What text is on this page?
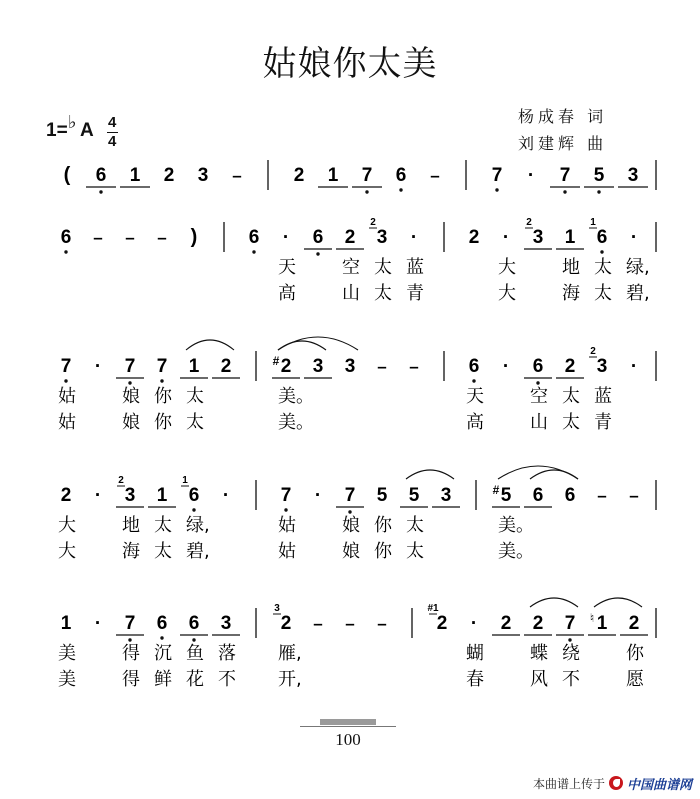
姑娘你太美
1= ♭ A 4
4
杨成春 词
刘建辉 曲
( 6 1 2 3 –	2 1 7 6 –	7 · 7 5 3
6 – – – )	6 · 6 2 3
2
·	2 · 3
2
1 6
1
·
天	空 太 蓝	大	地 太 绿,
高	山 太 青	大	海 太 碧,
7 · 7 7 1 2	2
# 3 3 – –	6 · 6 2 3
2
·
姑	娘 你 太	美。	天	空 太 蓝
姑	娘 你 太	美。	高	山 太 青
2 · 3
2
1 6
1
·	7 · 7 5 5 3	5
# 6 6 – –
大	地 太 绿,	姑	娘 你 太	美。
大	海 太 碧,	姑	娘 你 太	美。
1 · 7 6 6 3	2
3
– – –	2
#1
· 2 2 7 1
♮ 2
美	得 沉 鱼 落 雁,	蝴	蝶 绕	你
美	得 鲜 花 不 开,	春	风 不	愿
100
本曲谱上传于 中国曲谱网
